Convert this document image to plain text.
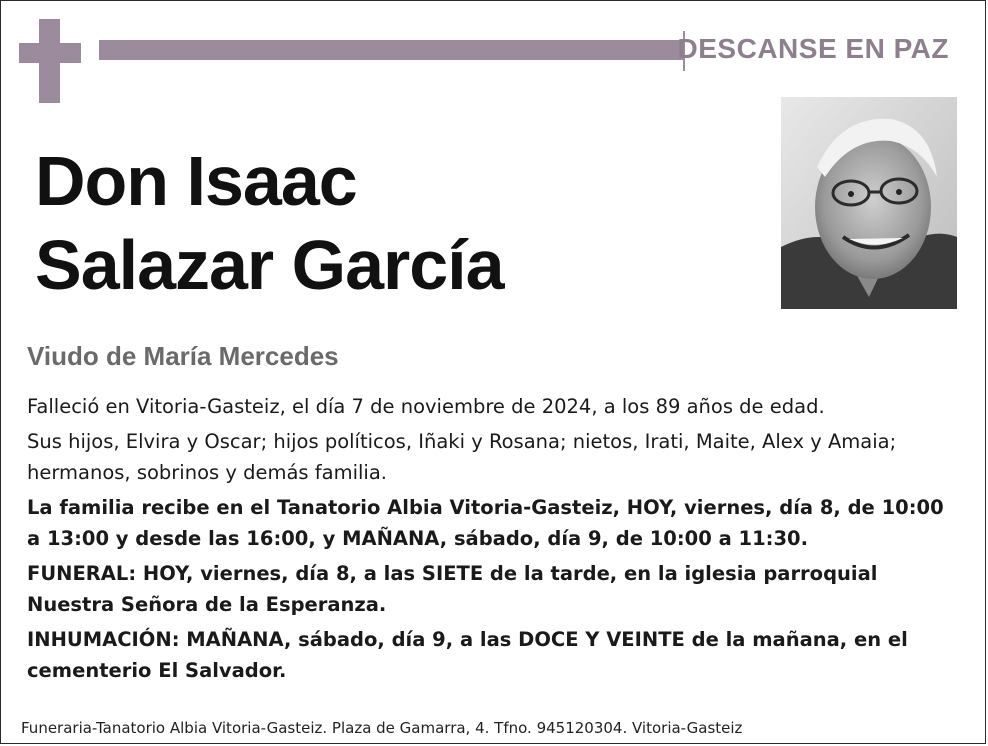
DESCANSE EN PAZ
Don Isaac
Salazar García
Viudo de María Mercedes

Falleció en Vitoria-Gasteiz, el día 7 de noviembre de 2024, a los 89 años de edad.

Sus hijos, Elvira y Oscar; hijos políticos, Iñaki y Rosana; nietos, Irati, Maite, Alex y Amaia; hermanos, sobrinos y demás familia.

La familia recibe en el Tanatorio Albia Vitoria-Gasteiz, HOY, viernes, día 8, de 10:00 a 13:00 y desde las 16:00, y MAÑANA, sábado, día 9, de 10:00 a 11:30.

FUNERAL: HOY, viernes, día 8, a las SIETE de la tarde, en la iglesia parroquial Nuestra Señora de la Esperanza.

INHUMACIÓN: MAÑANA, sábado, día 9, a las DOCE Y VEINTE de la mañana, en el cementerio El Salvador.

Funeraria-Tanatorio Albia Vitoria-Gasteiz. Plaza de Gamarra, 4. Tfno. 945120304. Vitoria-Gasteiz
